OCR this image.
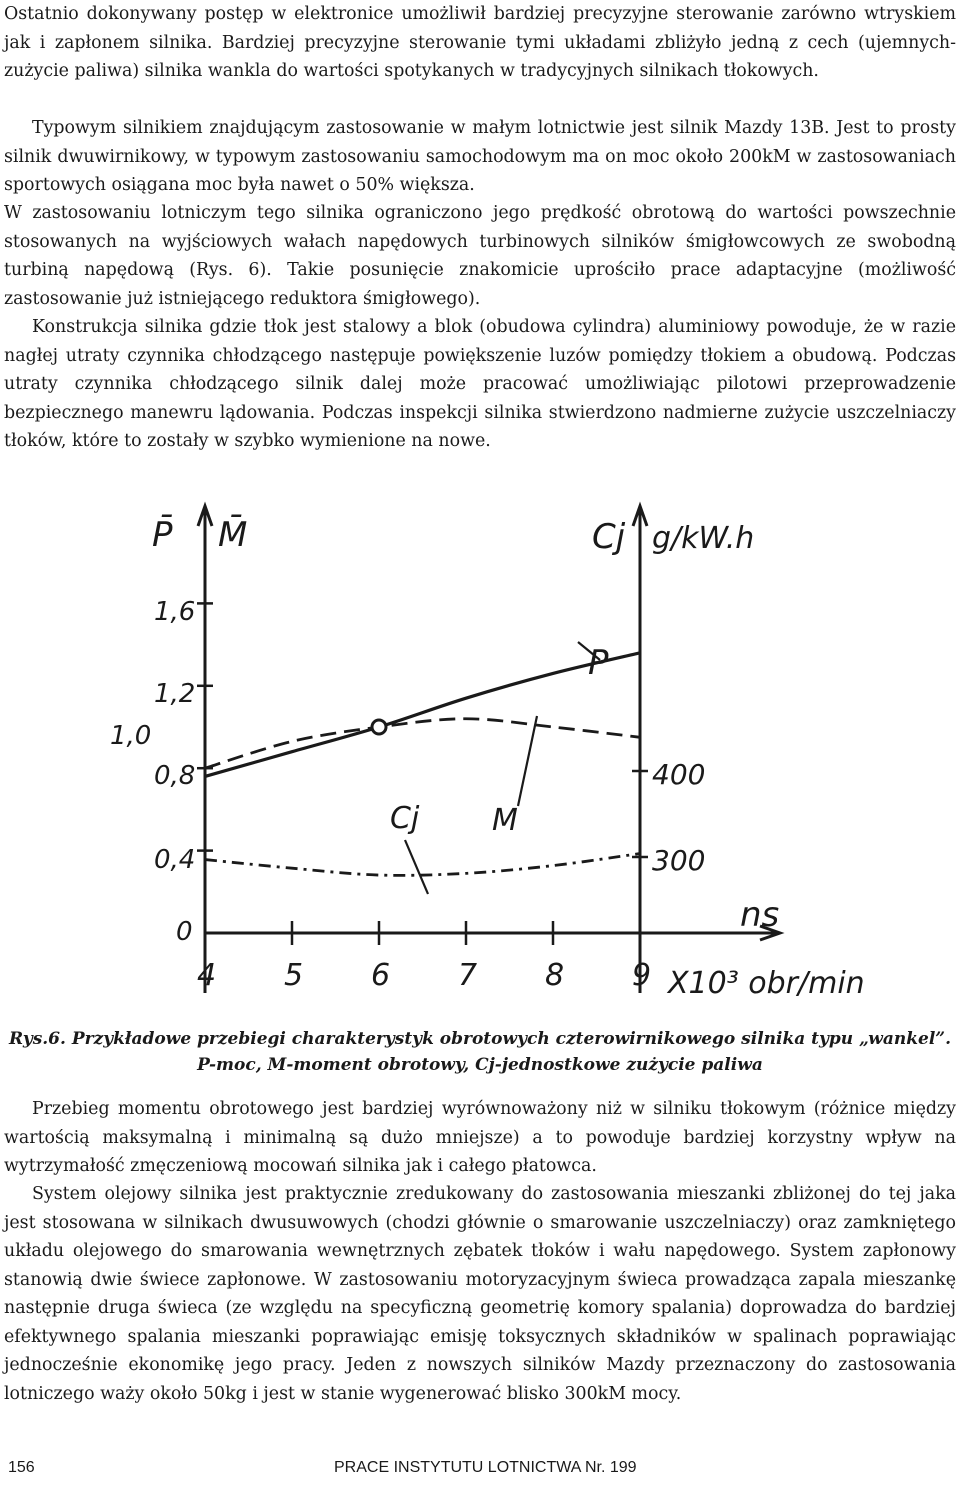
Ostatnio dokonywany postęp w elektronice umożliwił bardziej precyzyjne sterowanie zarówno wtryskiem jak i zapłonem silnika. Bardziej precyzyjne sterowanie tymi układami zbliżyło jedną z cech (ujemnych-zużycie paliwa) silnika wankla do wartości spotykanych w tradycyjnych silnikach tłokowych.

Typowym silnikiem znajdującym zastosowanie w małym lotnictwie jest silnik Mazdy 13B. Jest to prosty silnik dwuwirnikowy, w typowym zastosowaniu samochodowym ma on moc około 200kM w zastosowaniach sportowych osiągana moc była nawet o 50% większa.

W zastosowaniu lotniczym tego silnika ograniczono jego prędkość obrotową do wartości powszechnie stosowanych na wyjściowych wałach napędowych turbinowych silników śmigłowcowych ze swobodną turbiną napędową (Rys. 6). Takie posunięcie znakomicie uprościło prace adaptacyjne (możliwość zastosowanie już istniejącego reduktora śmigłowego).

Konstrukcja silnika gdzie tłok jest stalowy a blok (obudowa cylindra) aluminiowy powoduje, że w razie nagłej utraty czynnika chłodzącego następuje powiększenie luzów pomiędzy tłokiem a obudową. Podczas utraty czynnika chłodzącego silnik dalej może pracować umożliwiając pilotowi przeprowadzenie bezpiecznego manewru lądowania. Podczas inspekcji silnika stwierdzono nadmierne zużycie uszczelniaczy tłoków, które to zostały w szybko wymienione na nowe.

P̄ M̄
1,6
1,2
1,0
0,8
0,4
0
Cj g/kW.h
400
300
ns
X10³ obr/min
P
M
Cj
4 5 6 7 8 9

Rys.6. Przykładowe przebiegi charakterystyk obrotowych czterowirnikowego silnika typu „wankel”.
P-moc, M-moment obrotowy, Cj-jednostkowe zużycie paliwa

Przebieg momentu obrotowego jest bardziej wyrównoważony niż w silniku tłokowym (różnice między wartością maksymalną i minimalną są dużo mniejsze) a to powoduje bardziej korzystny wpływ na wytrzymałość zmęczeniową mocowań silnika jak i całego płatowca.

System olejowy silnika jest praktycznie zredukowany do zastosowania mieszanki zbliżonej do tej jaka jest stosowana w silnikach dwusuwowych (chodzi głównie o smarowanie uszczelniaczy) oraz zamkniętego układu olejowego do smarowania wewnętrznych zębatek tłoków i wału napędowego. System zapłonowy stanowią dwie świece zapłonowe. W zastosowaniu motoryzacyjnym świeca prowadząca zapala mieszankę następnie druga świeca (ze względu na specyficzną geometrię komory spalania) doprowadza do bardziej efektywnego spalania mieszanki poprawiając emisję toksycznych składników w spalinach poprawiając jednocześnie ekonomikę jego pracy. Jeden z nowszych silników Mazdy przeznaczony do zastosowania lotniczego waży około 50kg i jest w stanie wygenerować blisko 300kM mocy.

156	PRACE INSTYTUTU LOTNICTWA Nr. 199
